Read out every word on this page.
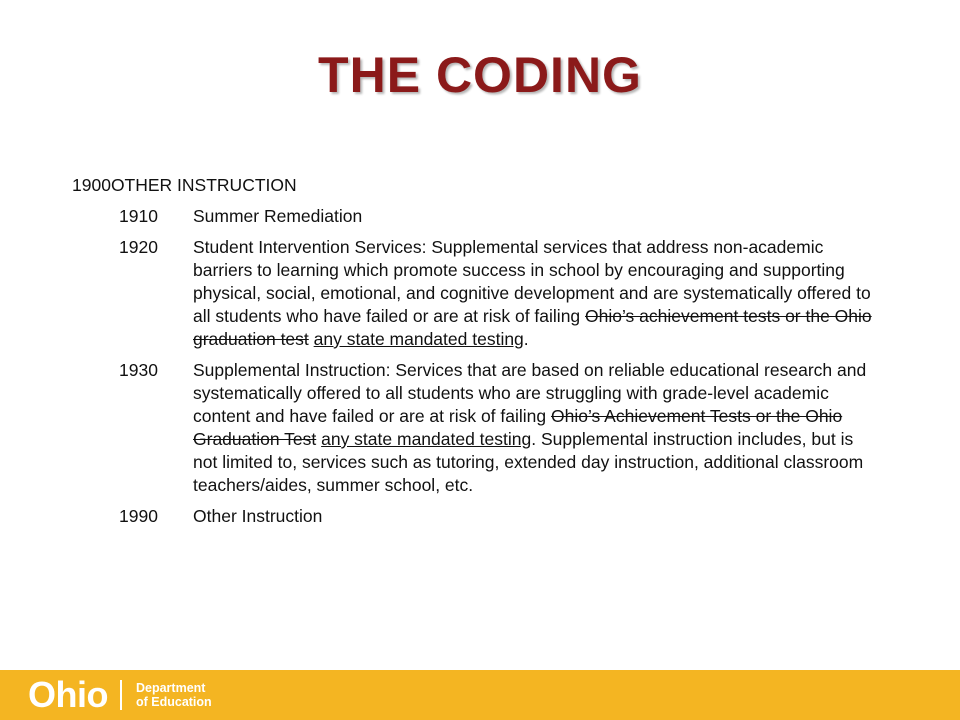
THE CODING
1900OTHER INSTRUCTION
1910	Summer Remediation
1920	Student Intervention Services: Supplemental services that address non-academic barriers to learning which promote success in school by encouraging and supporting physical, social, emotional, and cognitive development and are systematically offered to all students who have failed or are at risk of failing Ohio’s achievement tests or the Ohio graduation test any state mandated testing.
1930	Supplemental Instruction: Services that are based on reliable educational research and systematically offered to all students who are struggling with grade-level academic content and have failed or are at risk of failing Ohio’s Achievement Tests or the Ohio Graduation Test any state mandated testing. Supplemental instruction includes, but is not limited to, services such as tutoring, extended day instruction, additional classroom teachers/aides, summer school, etc.
1990	Other Instruction
Ohio Department
of Education
